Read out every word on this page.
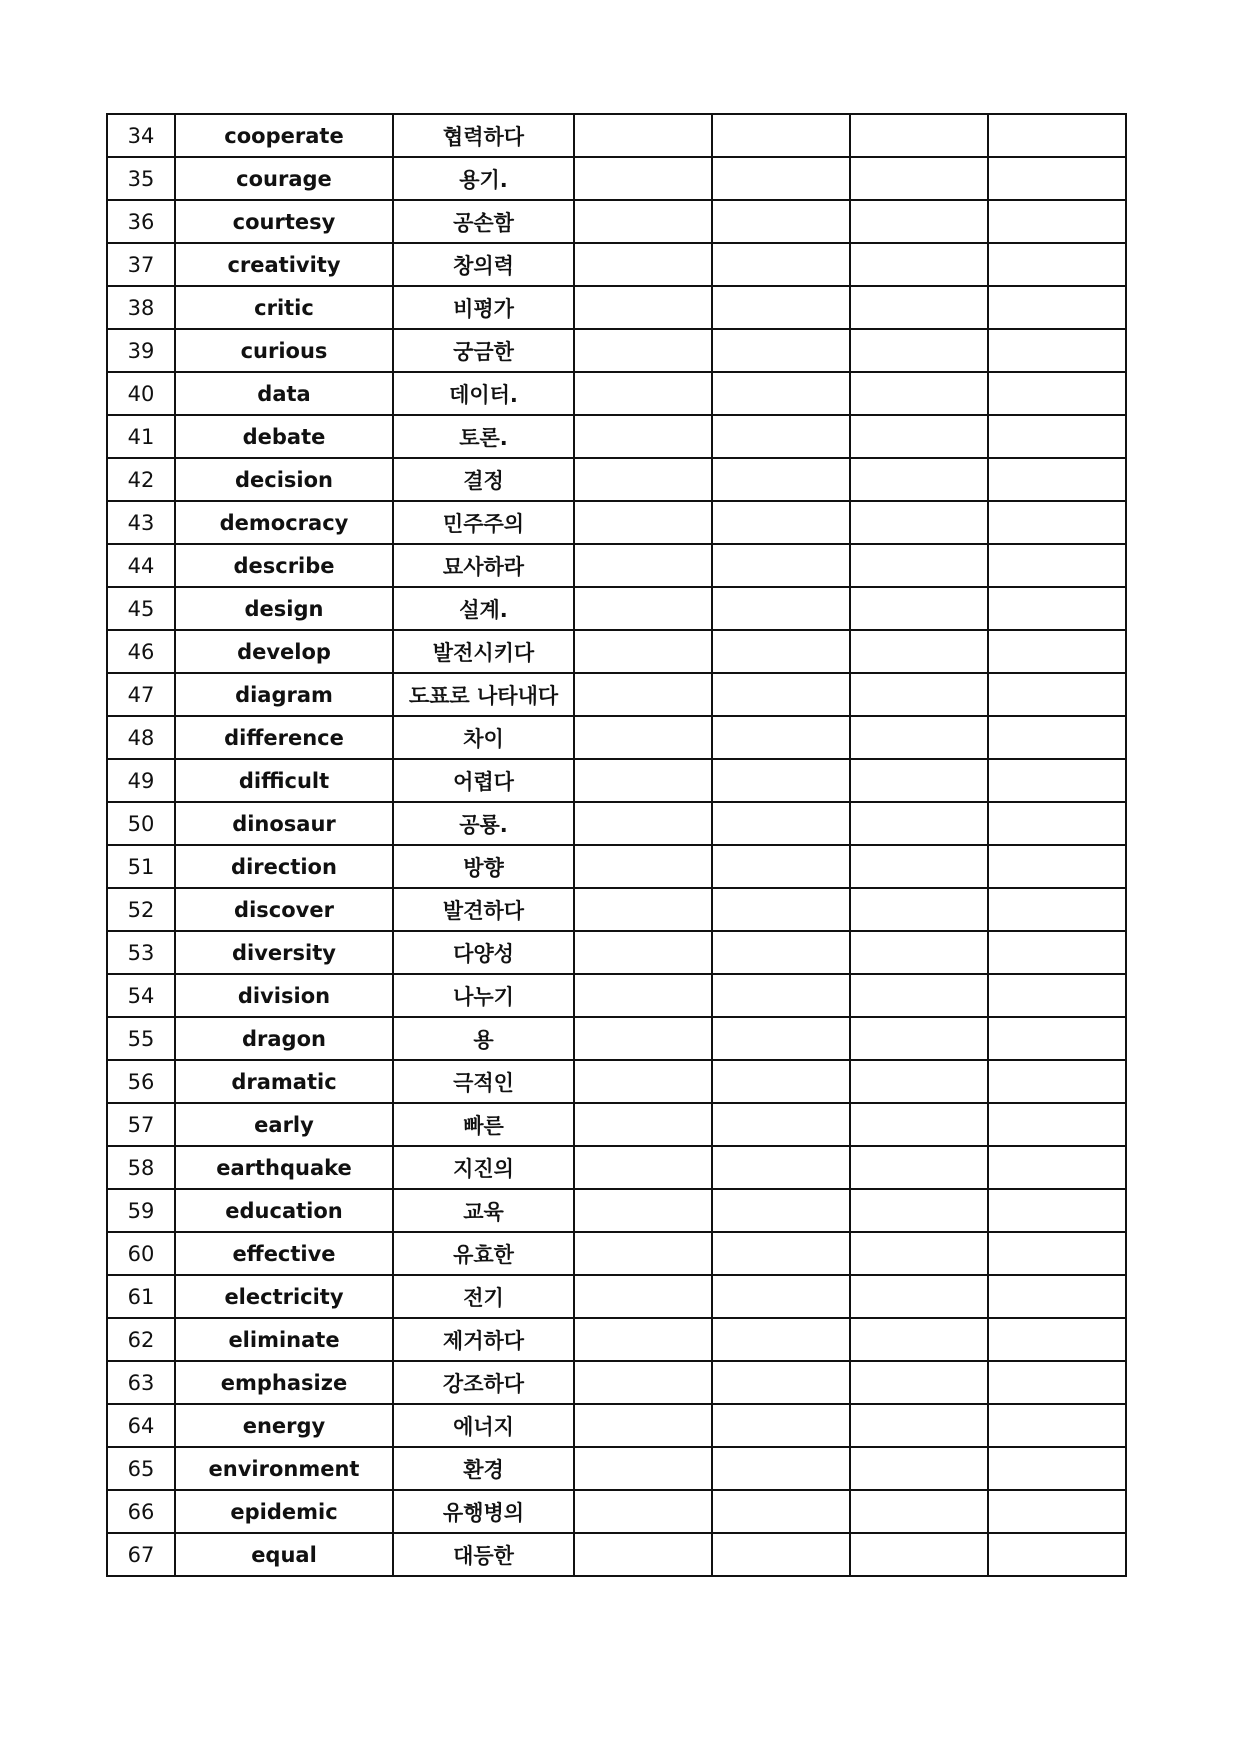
34	cooperate	협력하다				
35	courage	용기.				
36	courtesy	공손함				
37	creativity	창의력				
38	critic	비평가				
39	curious	궁금한				
40	data	데이터.				
41	debate	토론.				
42	decision	결정				
43	democracy	민주주의				
44	describe	묘사하라				
45	design	설계.				
46	develop	발전시키다				
47	diagram	도표로 나타내다				
48	difference	차이				
49	difficult	어렵다				
50	dinosaur	공룡.				
51	direction	방향				
52	discover	발견하다				
53	diversity	다양성				
54	division	나누기				
55	dragon	용				
56	dramatic	극적인				
57	early	빠른				
58	earthquake	지진의				
59	education	교육				
60	effective	유효한				
61	electricity	전기				
62	eliminate	제거하다				
63	emphasize	강조하다				
64	energy	에너지				
65	environment	환경				
66	epidemic	유행병의				
67	equal	대등한				
